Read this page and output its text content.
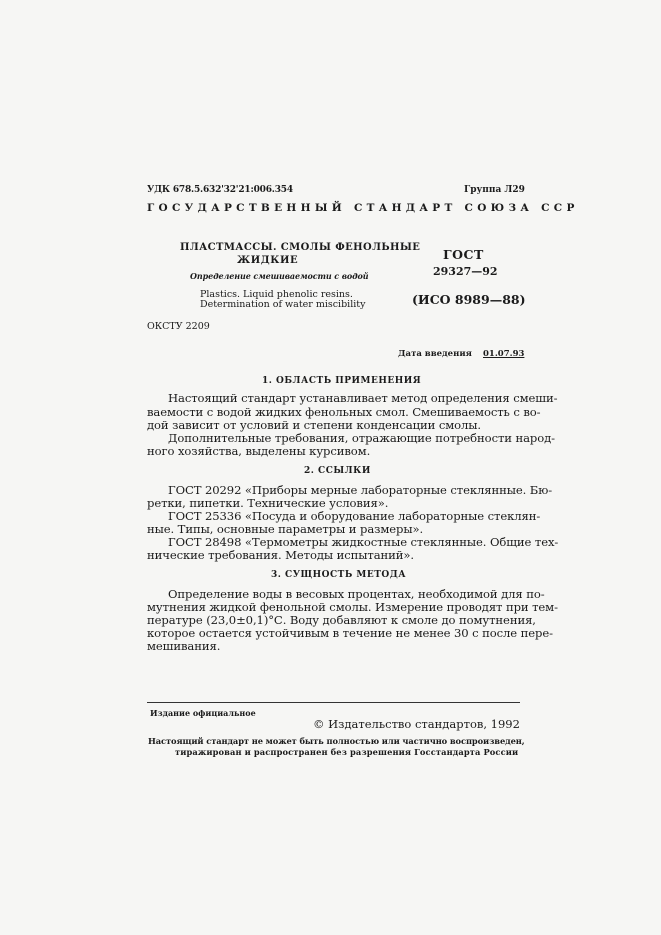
УДК 678.5.632'32'21:006.354	Группа Л29
ГОСУДАРСТВЕННЫЙ СТАНДАРТ СОЮЗА ССР
ПЛАСТМАССЫ. СМОЛЫ ФЕНОЛЬНЫЕ
ЖИДКИЕ
Определение смешиваемости с водой
Plastics. Liquid phenolic resins.
Determination of water miscibility
ГОСТ
29327—92
(ИСО 8989—88)
ОКСТУ 2209
Дата введения 01.07.93
1. ОБЛАСТЬ ПРИМЕНЕНИЯ
Настоящий стандарт устанавливает метод определения смеши-
ваемости с водой жидких фенольных смол. Смешиваемость с во-
дой зависит от условий и степени конденсации смолы.
Дополнительные требования, отражающие потребности народ-
ного хозяйства, выделены курсивом.
2. ССЫЛКИ
ГОСТ 20292 «Приборы мерные лабораторные стеклянные. Бю-
ретки, пипетки. Технические условия».
ГОСТ 25336 «Посуда и оборудование лабораторные стеклян-
ные. Типы, основные параметры и размеры».
ГОСТ 28498 «Термометры жидкостные стеклянные. Общие тех-
нические требования. Методы испытаний».
3. СУЩНОСТЬ МЕТОДА
Определение воды в весовых процентах, необходимой для по-
мутнения жидкой фенольной смолы. Измерение проводят при тем-
пературе (23,0±0,1)°С. Воду добавляют к смоле до помутнения,
которое остается устойчивым в течение не менее 30 с после пере-
мешивания.
Издание официальное
© Издательство стандартов, 1992
Настоящий стандарт не может быть полностью или частично воспроизведен,
тиражирован и распространен без разрешения Госстандарта России
